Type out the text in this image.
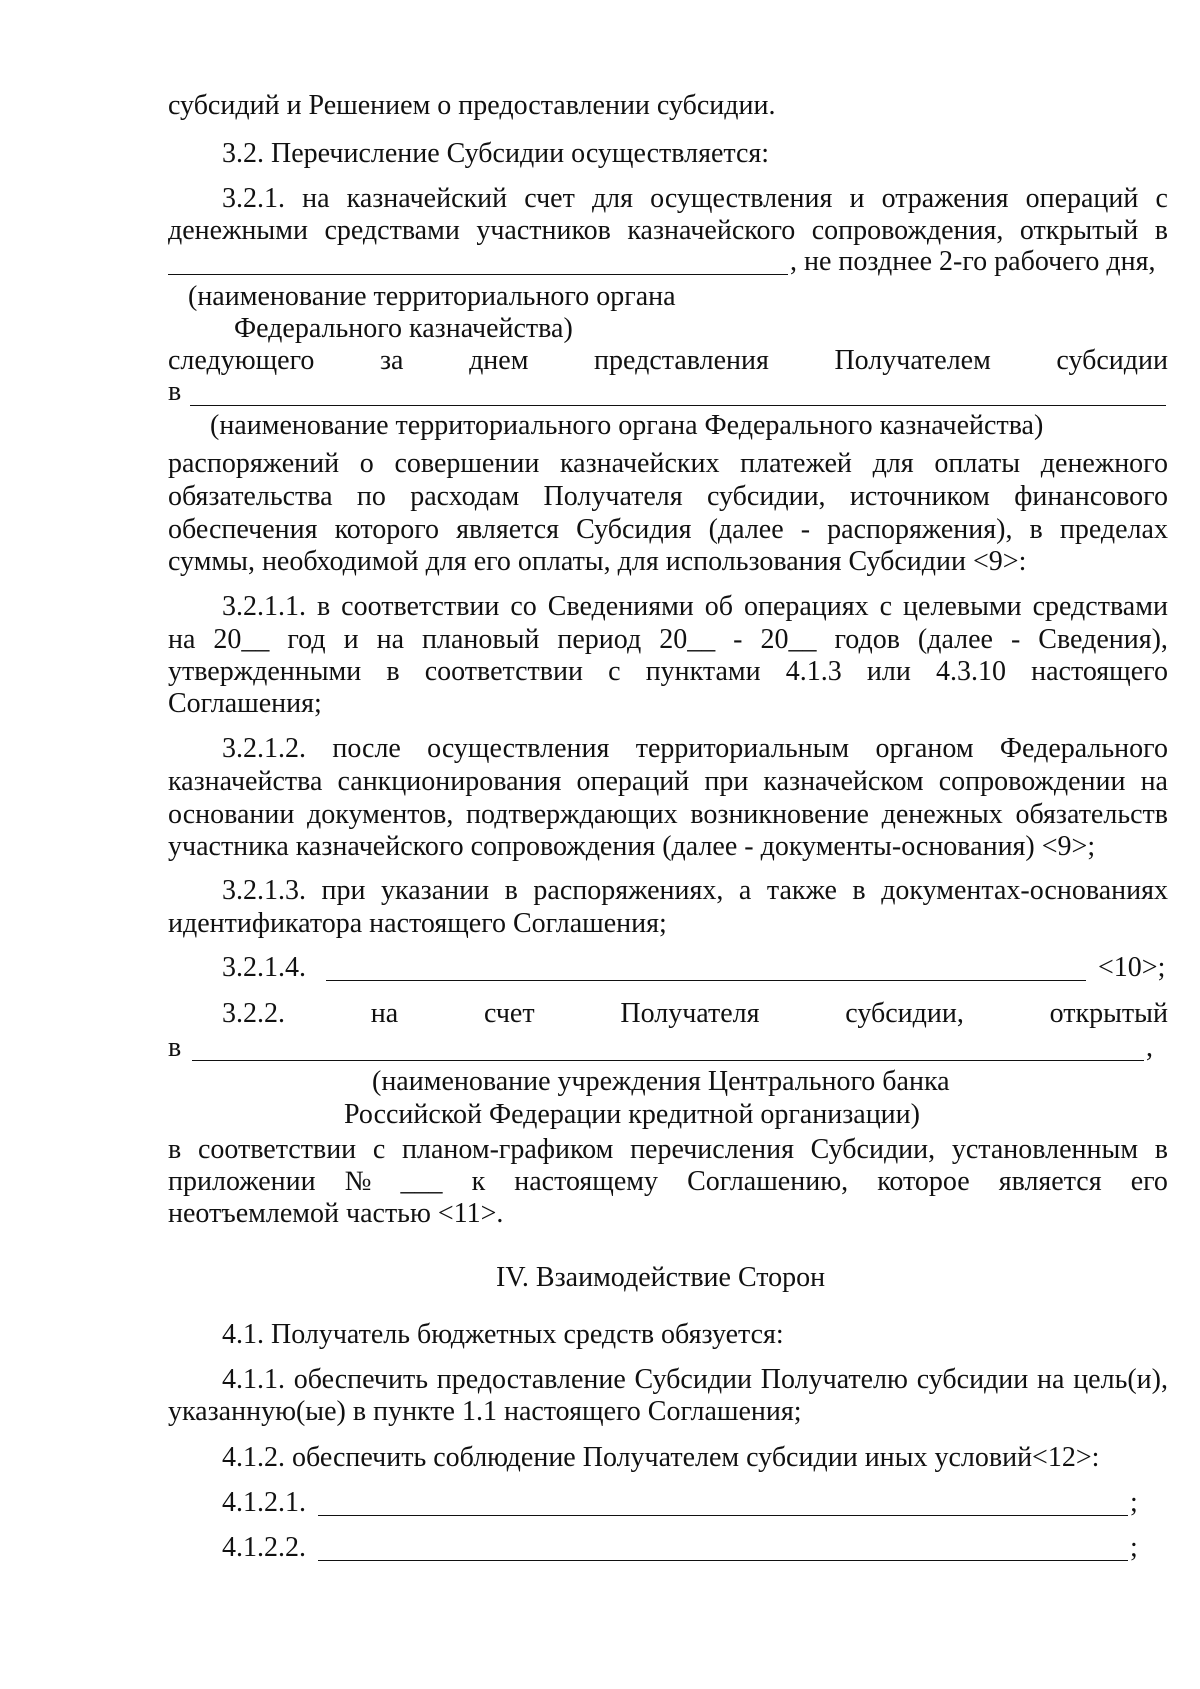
субсидий и Решением о предоставлении субсидии.
3.2. Перечисление Субсидии осуществляется:
3.2.1. на казначейский счет для осуществления и отражения операций с
денежными средствами участников казначейского сопровождения, открытый в
, не позднее 2-го рабочего дня,
(наименование территориального органа
Федерального казначейства)
следующего за днем представления Получателем субсидии
в
(наименование территориального органа Федерального казначейства)
распоряжений о совершении казначейских платежей для оплаты денежного
обязательства по расходам Получателя субсидии, источником финансового
обеспечения которого является Субсидия (далее - распоряжения), в пределах
суммы, необходимой для его оплаты, для использования Субсидии <9>:
3.2.1.1. в соответствии со Сведениями об операциях с целевыми средствами
на 20__ год и на плановый период 20__ - 20__ годов (далее - Сведения),
утвержденными в соответствии с пунктами 4.1.3 или 4.3.10 настоящего
Соглашения;
3.2.1.2. после осуществления территориальным органом Федерального
казначейства санкционирования операций при казначейском сопровождении на
основании документов, подтверждающих возникновение денежных обязательств
участника казначейского сопровождения (далее - документы-основания) <9>;
3.2.1.3. при указании в распоряжениях, а также в документах-основаниях
идентификатора настоящего Соглашения;
3.2.1.4.	<10>;
3.2.2.	на	счет	Получателя	субсидии,	открытый
в	,
(наименование учреждения Центрального банка
Российской Федерации кредитной организации)
в соответствии с планом-графиком перечисления Субсидии, установленным в
приложении № ___ к настоящему Соглашению, которое является его
неотъемлемой частью <11>.
IV. Взаимодействие Сторон
4.1. Получатель бюджетных средств обязуется:
4.1.1. обеспечить предоставление Субсидии Получателю субсидии на цель(и),
указанную(ые) в пункте 1.1 настоящего Соглашения;
4.1.2. обеспечить соблюдение Получателем субсидии иных условий<12>:
4.1.2.1.	;
4.1.2.2.	;
